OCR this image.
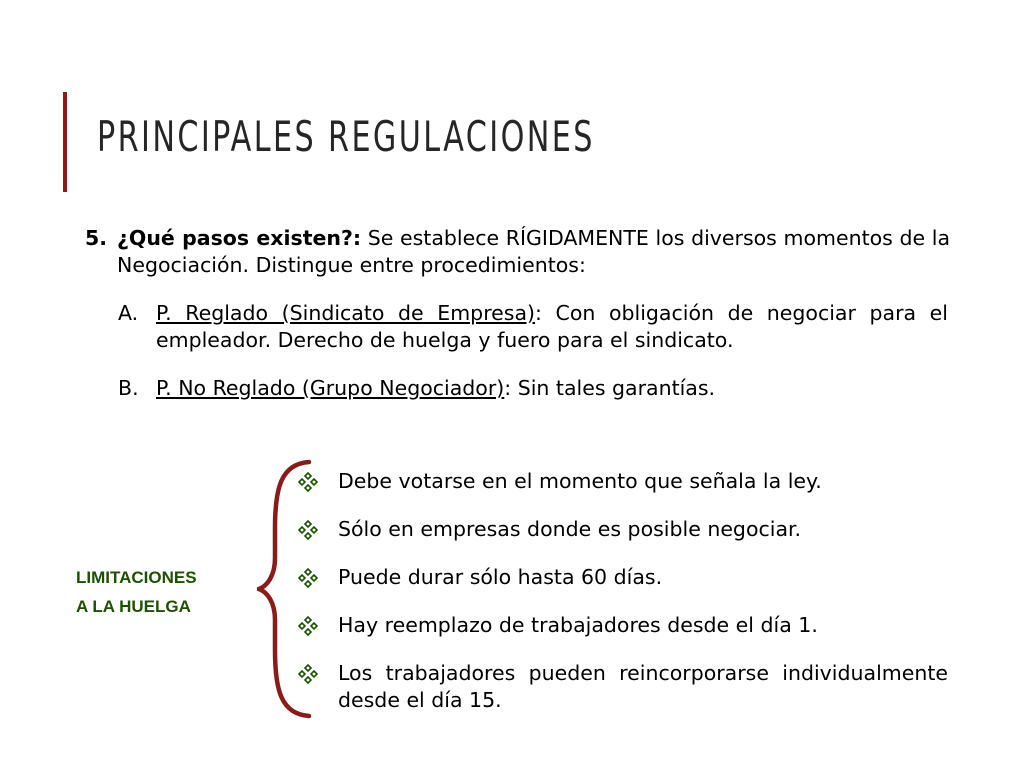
PRINCIPALES REGULACIONES
5. ¿Qué pasos existen?: Se establece RÍGIDAMENTE los diversos momentos de la Negociación. Distingue entre procedimientos:
A. P. Reglado (Sindicato de Empresa): Con obligación de negociar para el empleador. Derecho de huelga y fuero para el sindicato.
B. P. No Reglado (Grupo Negociador): Sin tales garantías.
LIMITACIONES
A LA HUELGA
Debe votarse en el momento que señala la ley.
Sólo en empresas donde es posible negociar.
Puede durar sólo hasta 60 días.
Hay reemplazo de trabajadores desde el día 1.
Los trabajadores pueden reincorporarse individualmente desde el día 15.
